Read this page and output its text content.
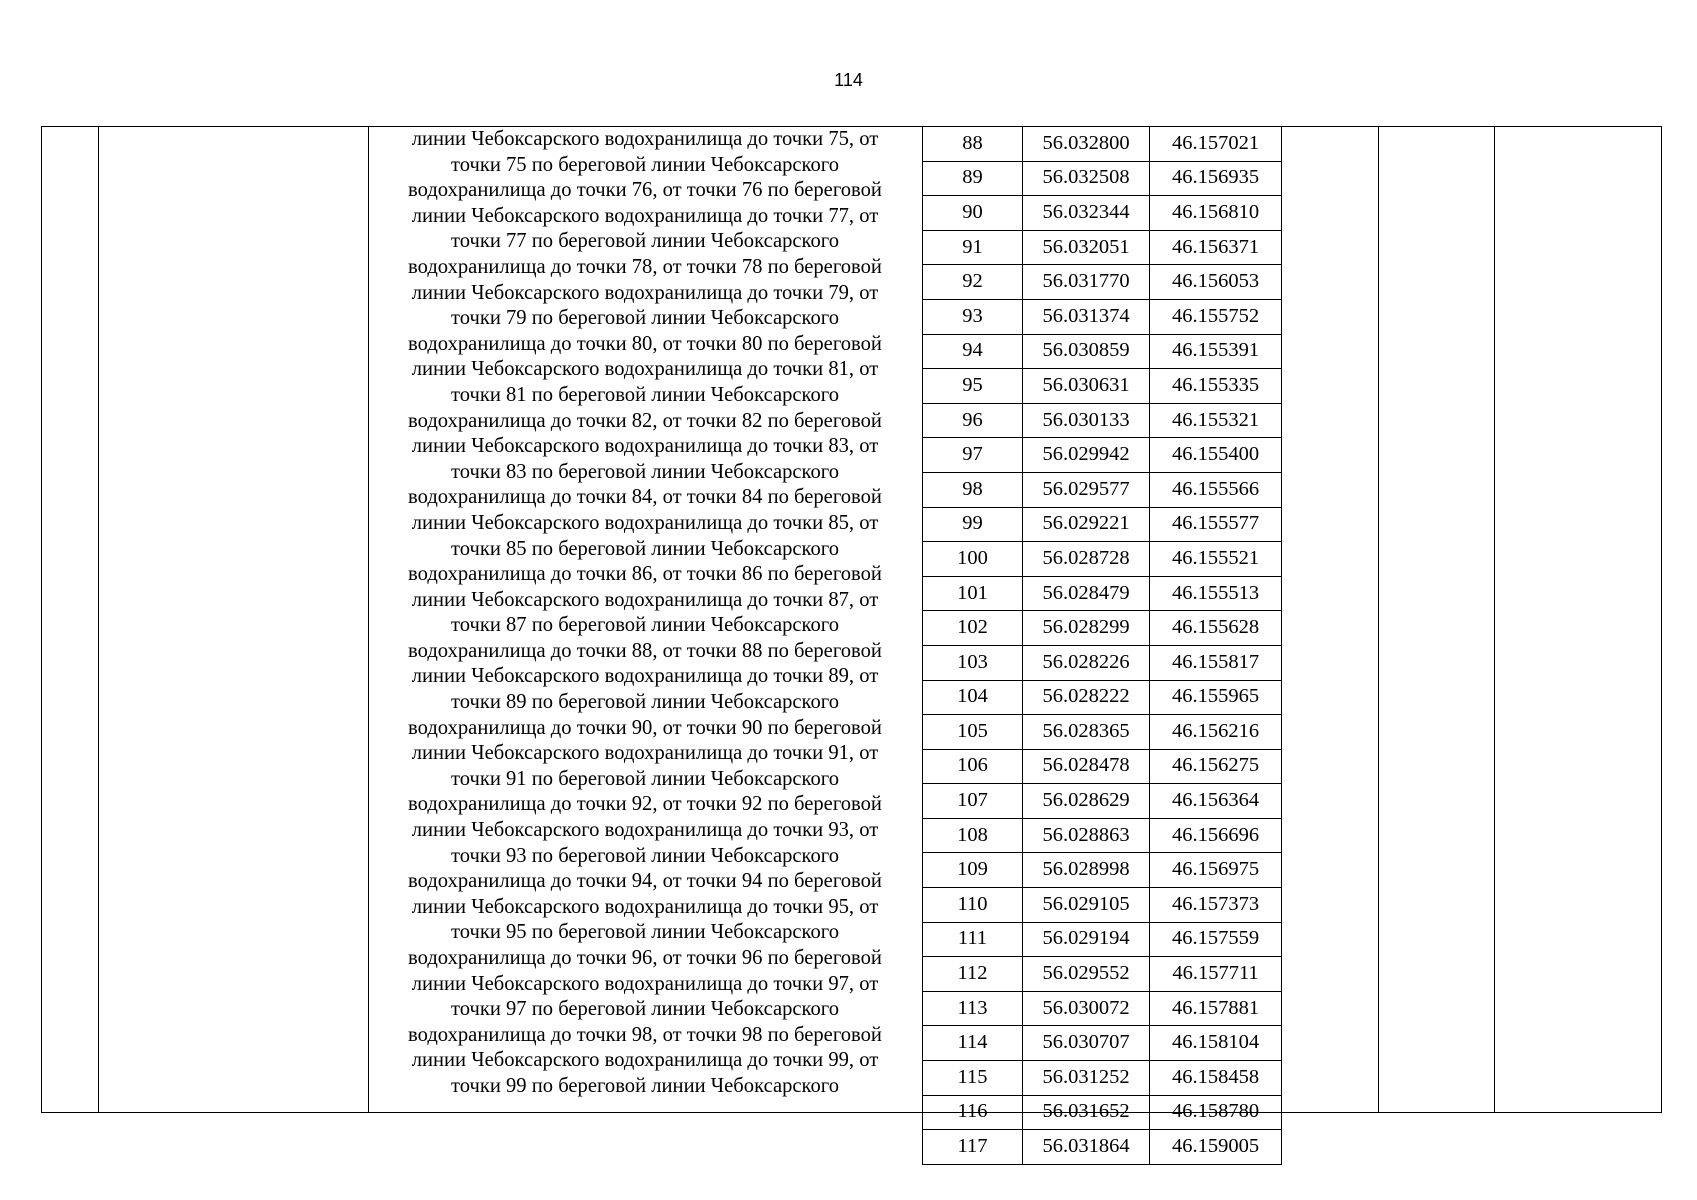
114
линии Чебоксарского водохранилища до точки 75, от
точки 75 по береговой линии Чебоксарского
водохранилища до точки 76, от точки 76 по береговой
линии Чебоксарского водохранилища до точки 77, от
точки 77 по береговой линии Чебоксарского
водохранилища до точки 78, от точки 78 по береговой
линии Чебоксарского водохранилища до точки 79, от
точки 79 по береговой линии Чебоксарского
водохранилища до точки 80, от точки 80 по береговой
линии Чебоксарского водохранилища до точки 81, от
точки 81 по береговой линии Чебоксарского
водохранилища до точки 82, от точки 82 по береговой
линии Чебоксарского водохранилища до точки 83, от
точки 83 по береговой линии Чебоксарского
водохранилища до точки 84, от точки 84 по береговой
линии Чебоксарского водохранилища до точки 85, от
точки 85 по береговой линии Чебоксарского
водохранилища до точки 86, от точки 86 по береговой
линии Чебоксарского водохранилища до точки 87, от
точки 87 по береговой линии Чебоксарского
водохранилища до точки 88, от точки 88 по береговой
линии Чебоксарского водохранилища до точки 89, от
точки 89 по береговой линии Чебоксарского
водохранилища до точки 90, от точки 90 по береговой
линии Чебоксарского водохранилища до точки 91, от
точки 91 по береговой линии Чебоксарского
водохранилища до точки 92, от точки 92 по береговой
линии Чебоксарского водохранилища до точки 93, от
точки 93 по береговой линии Чебоксарского
водохранилища до точки 94, от точки 94 по береговой
линии Чебоксарского водохранилища до точки 95, от
точки 95 по береговой линии Чебоксарского
водохранилища до точки 96, от точки 96 по береговой
линии Чебоксарского водохранилища до точки 97, от
точки 97 по береговой линии Чебоксарского
водохранилища до точки 98, от точки 98 по береговой
линии Чебоксарского водохранилища до точки 99, от
точки 99 по береговой линии Чебоксарского
88	56.032800	46.157021
89	56.032508	46.156935
90	56.032344	46.156810
91	56.032051	46.156371
92	56.031770	46.156053
93	56.031374	46.155752
94	56.030859	46.155391
95	56.030631	46.155335
96	56.030133	46.155321
97	56.029942	46.155400
98	56.029577	46.155566
99	56.029221	46.155577
100	56.028728	46.155521
101	56.028479	46.155513
102	56.028299	46.155628
103	56.028226	46.155817
104	56.028222	46.155965
105	56.028365	46.156216
106	56.028478	46.156275
107	56.028629	46.156364
108	56.028863	46.156696
109	56.028998	46.156975
110	56.029105	46.157373
111	56.029194	46.157559
112	56.029552	46.157711
113	56.030072	46.157881
114	56.030707	46.158104
115	56.031252	46.158458
116	56.031652	46.158780
117	56.031864	46.159005
